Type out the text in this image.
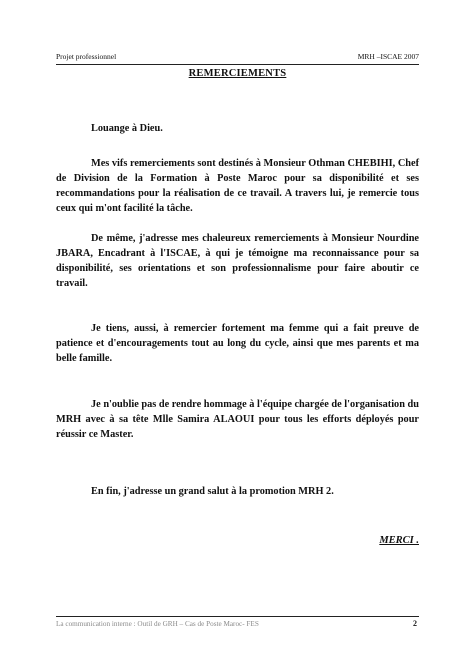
Projet professionnel	MRH –ISCAE 2007
REMERCIEMENTS

Louange à Dieu.

Mes vifs remerciements sont destinés à Monsieur Othman CHEBIHI, Chef de Division de la Formation à Poste Maroc pour sa disponibilité et ses recommandations pour la réalisation de ce travail. A travers lui, je remercie tous ceux qui m'ont facilité la tâche.

De même, j'adresse mes chaleureux remerciements à Monsieur Nourdine JBARA, Encadrant à l'ISCAE, à qui je témoigne ma reconnaissance pour sa disponibilité, ses orientations et son professionnalisme pour faire aboutir ce travail.

Je tiens, aussi, à remercier fortement ma femme qui a fait preuve de patience et d'encouragements tout au long du cycle, ainsi que mes parents et ma belle famille.

Je n'oublie pas de rendre hommage à l'équipe chargée de l'organisation du MRH avec à sa tête Mlle Samira ALAOUI pour tous les efforts déployés pour réussir ce Master.

En fin, j'adresse un grand salut à la promotion MRH 2.

MERCI .
La communication interne : Outil de GRH – Cas de Poste Maroc- FES	2
